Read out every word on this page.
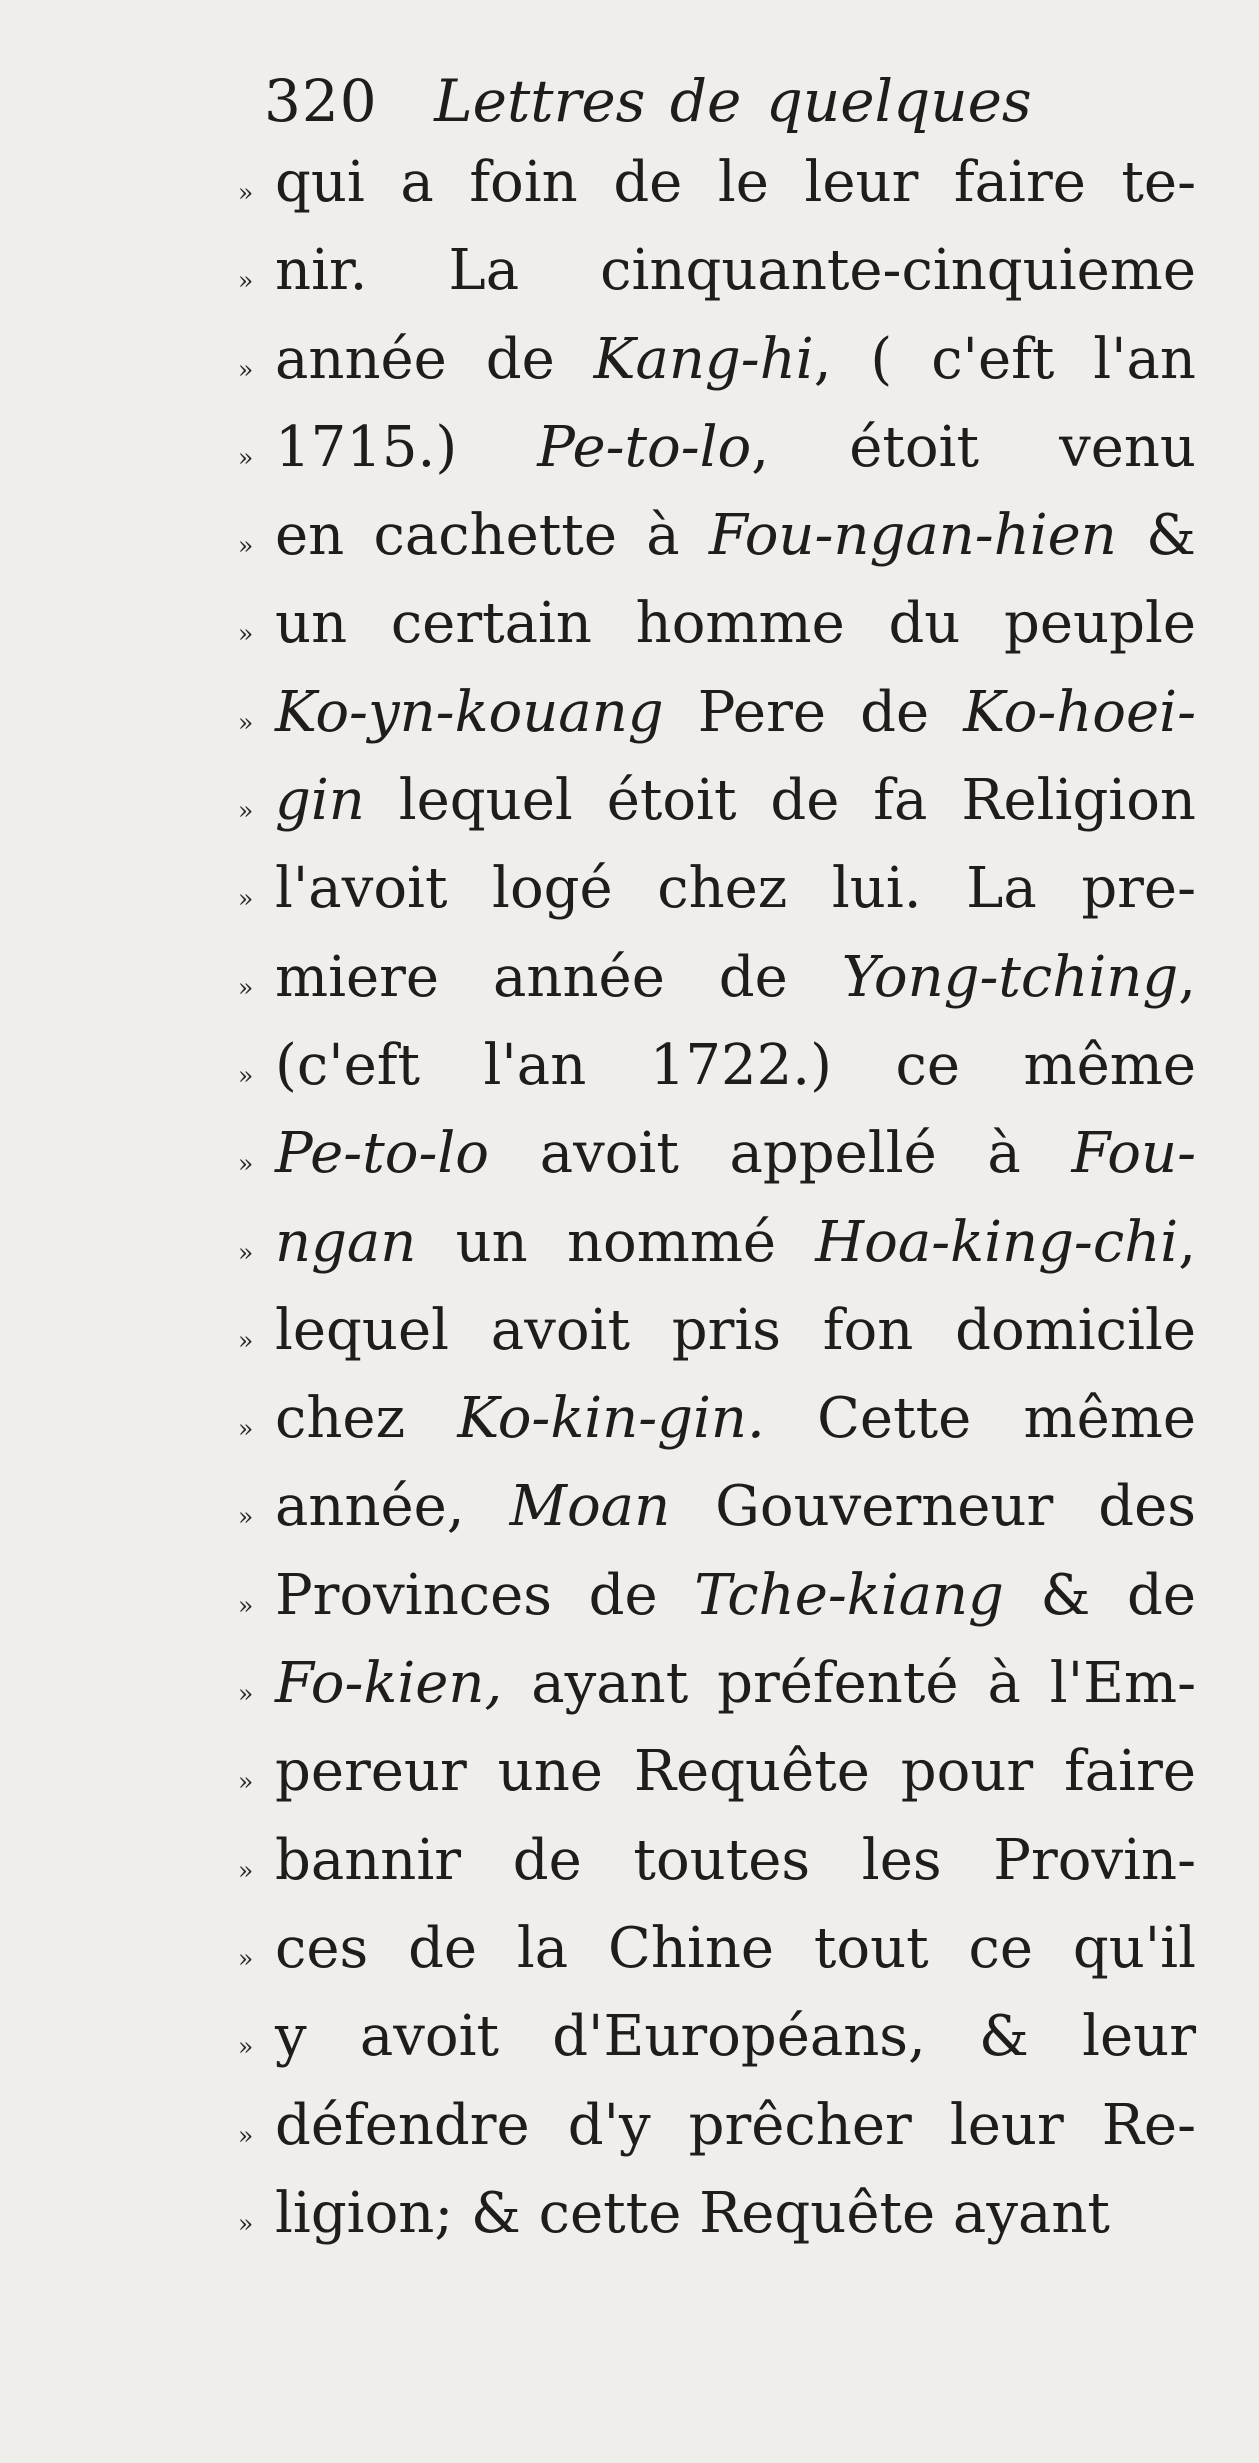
320 Lettres de quelques
» qui a foin de le leur faire te-
» nir. La cinquante-cinquieme
» année de Kang-hi, ( c'eft l'an
» 1715.) Pe-to-lo, étoit venu
» en cachette à Fou-ngan-hien &
» un certain homme du peuple
» Ko-yn-kouang Pere de Ko-hoei-
» gin lequel étoit de fa Religion
» l'avoit logé chez lui. La pre-
» miere année de Yong-tching,
» (c'eft l'an 1722.) ce même
» Pe-to-lo avoit appellé à Fou-
» ngan un nommé Hoa-king-chi,
» lequel avoit pris fon domicile
» chez Ko-kin-gin. Cette même
» année, Moan Gouverneur des
» Provinces de Tche-kiang & de
» Fo-kien, ayant préfenté à l'Em-
» pereur une Requête pour faire
» bannir de toutes les Provin-
» ces de la Chine tout ce qu'il
» y avoit d'Européans, & leur
» défendre d'y prêcher leur Re-
» ligion; & cette Requête ayant
